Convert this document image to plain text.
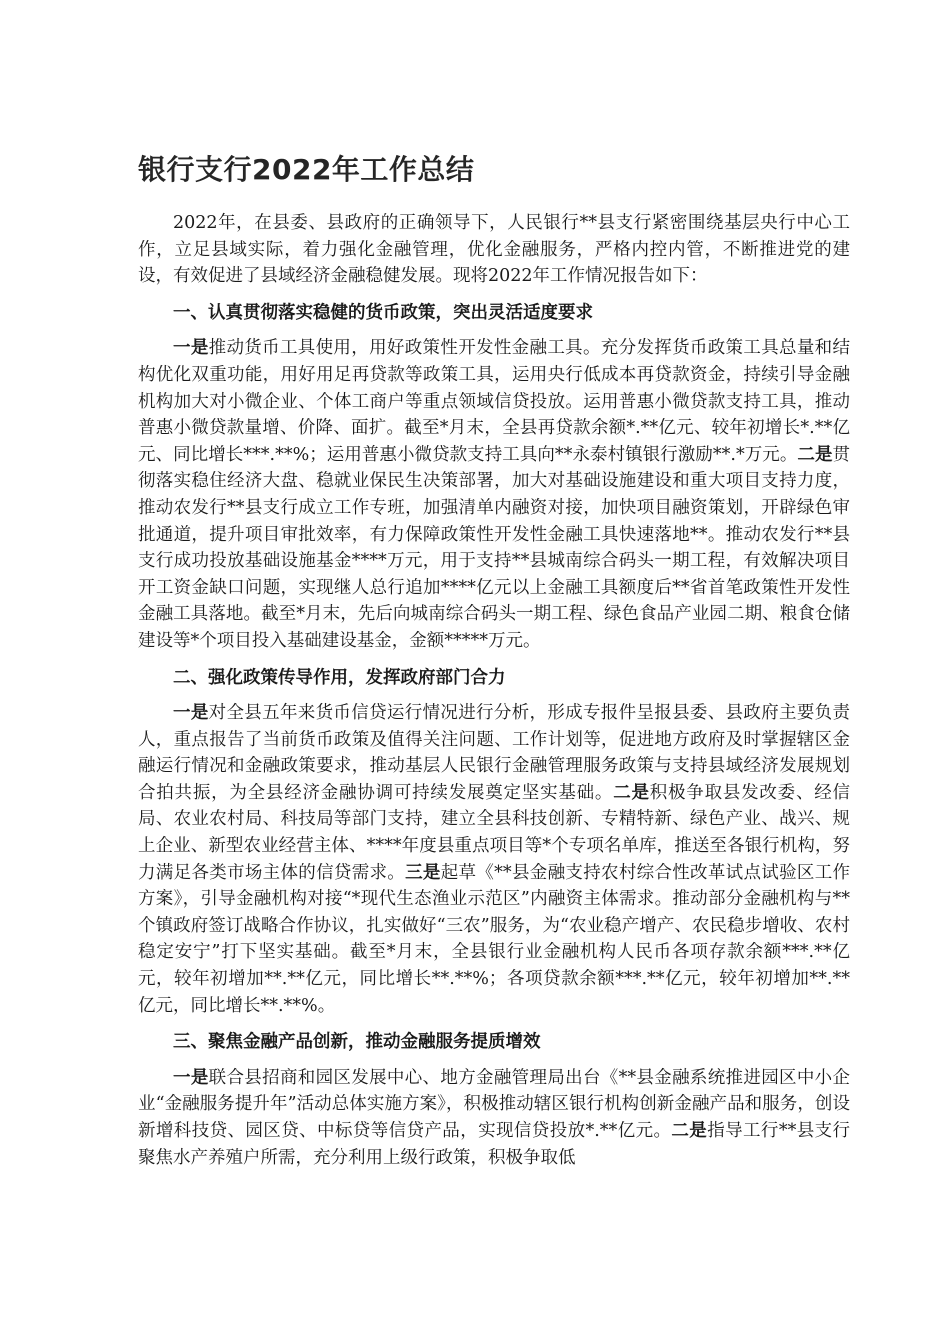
银行支行2022年工作总结

2022年，在县委、县政府的正确领导下，人民银行**县支行紧密围绕基层央行中心工作，立足县域实际，着力强化金融管理，优化金融服务，严格内控内管，不断推进党的建设，有效促进了县域经济金融稳健发展。现将2022年工作情况报告如下：

一、认真贯彻落实稳健的货币政策，突出灵活适度要求

一是推动货币工具使用，用好政策性开发性金融工具。充分发挥货币政策工具总量和结构优化双重功能，用好用足再贷款等政策工具，运用央行低成本再贷款资金，持续引导金融机构加大对小微企业、个体工商户等重点领域信贷投放。运用普惠小微贷款支持工具，推动普惠小微贷款量增、价降、面扩。截至*月末，全县再贷款余额*.**亿元、较年初增长*.**亿元、同比增长***.**%；运用普惠小微贷款支持工具向**永泰村镇银行激励**.*万元。二是贯彻落实稳住经济大盘、稳就业保民生决策部署，加大对基础设施建设和重大项目支持力度，推动农发行**县支行成立工作专班，加强清单内融资对接，加快项目融资策划，开辟绿色审批通道，提升项目审批效率，有力保障政策性开发性金融工具快速落地**。推动农发行**县支行成功投放基础设施基金****万元，用于支持**县城南综合码头一期工程，有效解决项目开工资金缺口问题，实现继人总行追加****亿元以上金融工具额度后**省首笔政策性开发性金融工具落地。截至*月末，先后向城南综合码头一期工程、绿色食品产业园二期、粮食仓储建设等*个项目投入基础建设基金，金额*****万元。

二、强化政策传导作用，发挥政府部门合力

一是对全县五年来货币信贷运行情况进行分析，形成专报件呈报县委、县政府主要负责人，重点报告了当前货币政策及值得关注问题、工作计划等，促进地方政府及时掌握辖区金融运行情况和金融政策要求，推动基层人民银行金融管理服务政策与支持县域经济发展规划合拍共振，为全县经济金融协调可持续发展奠定坚实基础。二是积极争取县发改委、经信局、农业农村局、科技局等部门支持，建立全县科技创新、专精特新、绿色产业、战兴、规上企业、新型农业经营主体、****年度县重点项目等*个专项名单库，推送至各银行机构，努力满足各类市场主体的信贷需求。三是起草《**县金融支持农村综合性改革试点试验区工作方案》，引导金融机构对接“*现代生态渔业示范区”内融资主体需求。推动部分金融机构与**个镇政府签订战略合作协议，扎实做好“三农”服务，为“农业稳产增产、农民稳步增收、农村稳定安宁”打下坚实基础。截至*月末，全县银行业金融机构人民币各项存款余额***.**亿元，较年初增加**.**亿元，同比增长**.**%；各项贷款余额***.**亿元，较年初增加**.**亿元，同比增长**.**%。

三、聚焦金融产品创新，推动金融服务提质增效

一是联合县招商和园区发展中心、地方金融管理局出台《**县金融系统推进园区中小企业“金融服务提升年”活动总体实施方案》，积极推动辖区银行机构创新金融产品和服务，创设新增科技贷、园区贷、中标贷等信贷产品，实现信贷投放*.**亿元。二是指导工行**县支行聚焦水产养殖户所需，充分利用上级行政策，积极争取低
